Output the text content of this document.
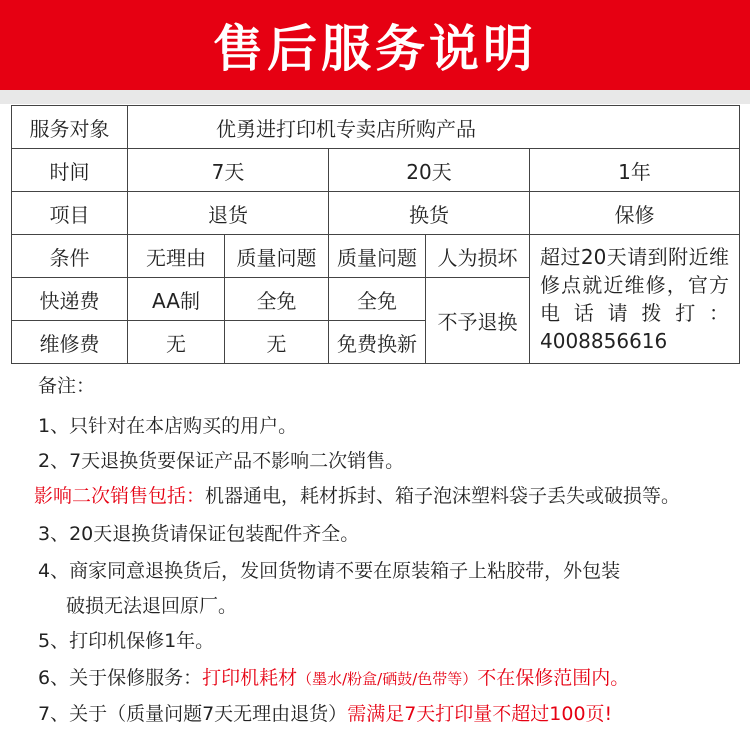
售后服务说明
服务对象	优勇进打印机专卖店所购产品				
时间	7天		20天		1年
项目	退货		换货		保修
条件	无理由	质量问题	质量问题	人为损坏	超过20天请到附近维修点就近维修，官方电话请拨打：4008856616
快递费	AA制	全免	全免	不予退换	
维修费	无	无	免费换新		
备注：
1、只针对在本店购买的用户。
2、7天退换货要保证产品不影响二次销售。
影响二次销售包括：机器通电，耗材拆封、箱子泡沫塑料袋子丢失或破损等。
3、20天退换货请保证包装配件齐全。
4、商家同意退换货后，发回货物请不要在原装箱子上粘胶带，外包装
破损无法退回原厂。
5、打印机保修1年。
6、关于保修服务：打印机耗材（墨水/粉盒/硒鼓/色带等）不在保修范围内。
7、关于（质量问题7天无理由退货）需满足7天打印量不超过100页!
